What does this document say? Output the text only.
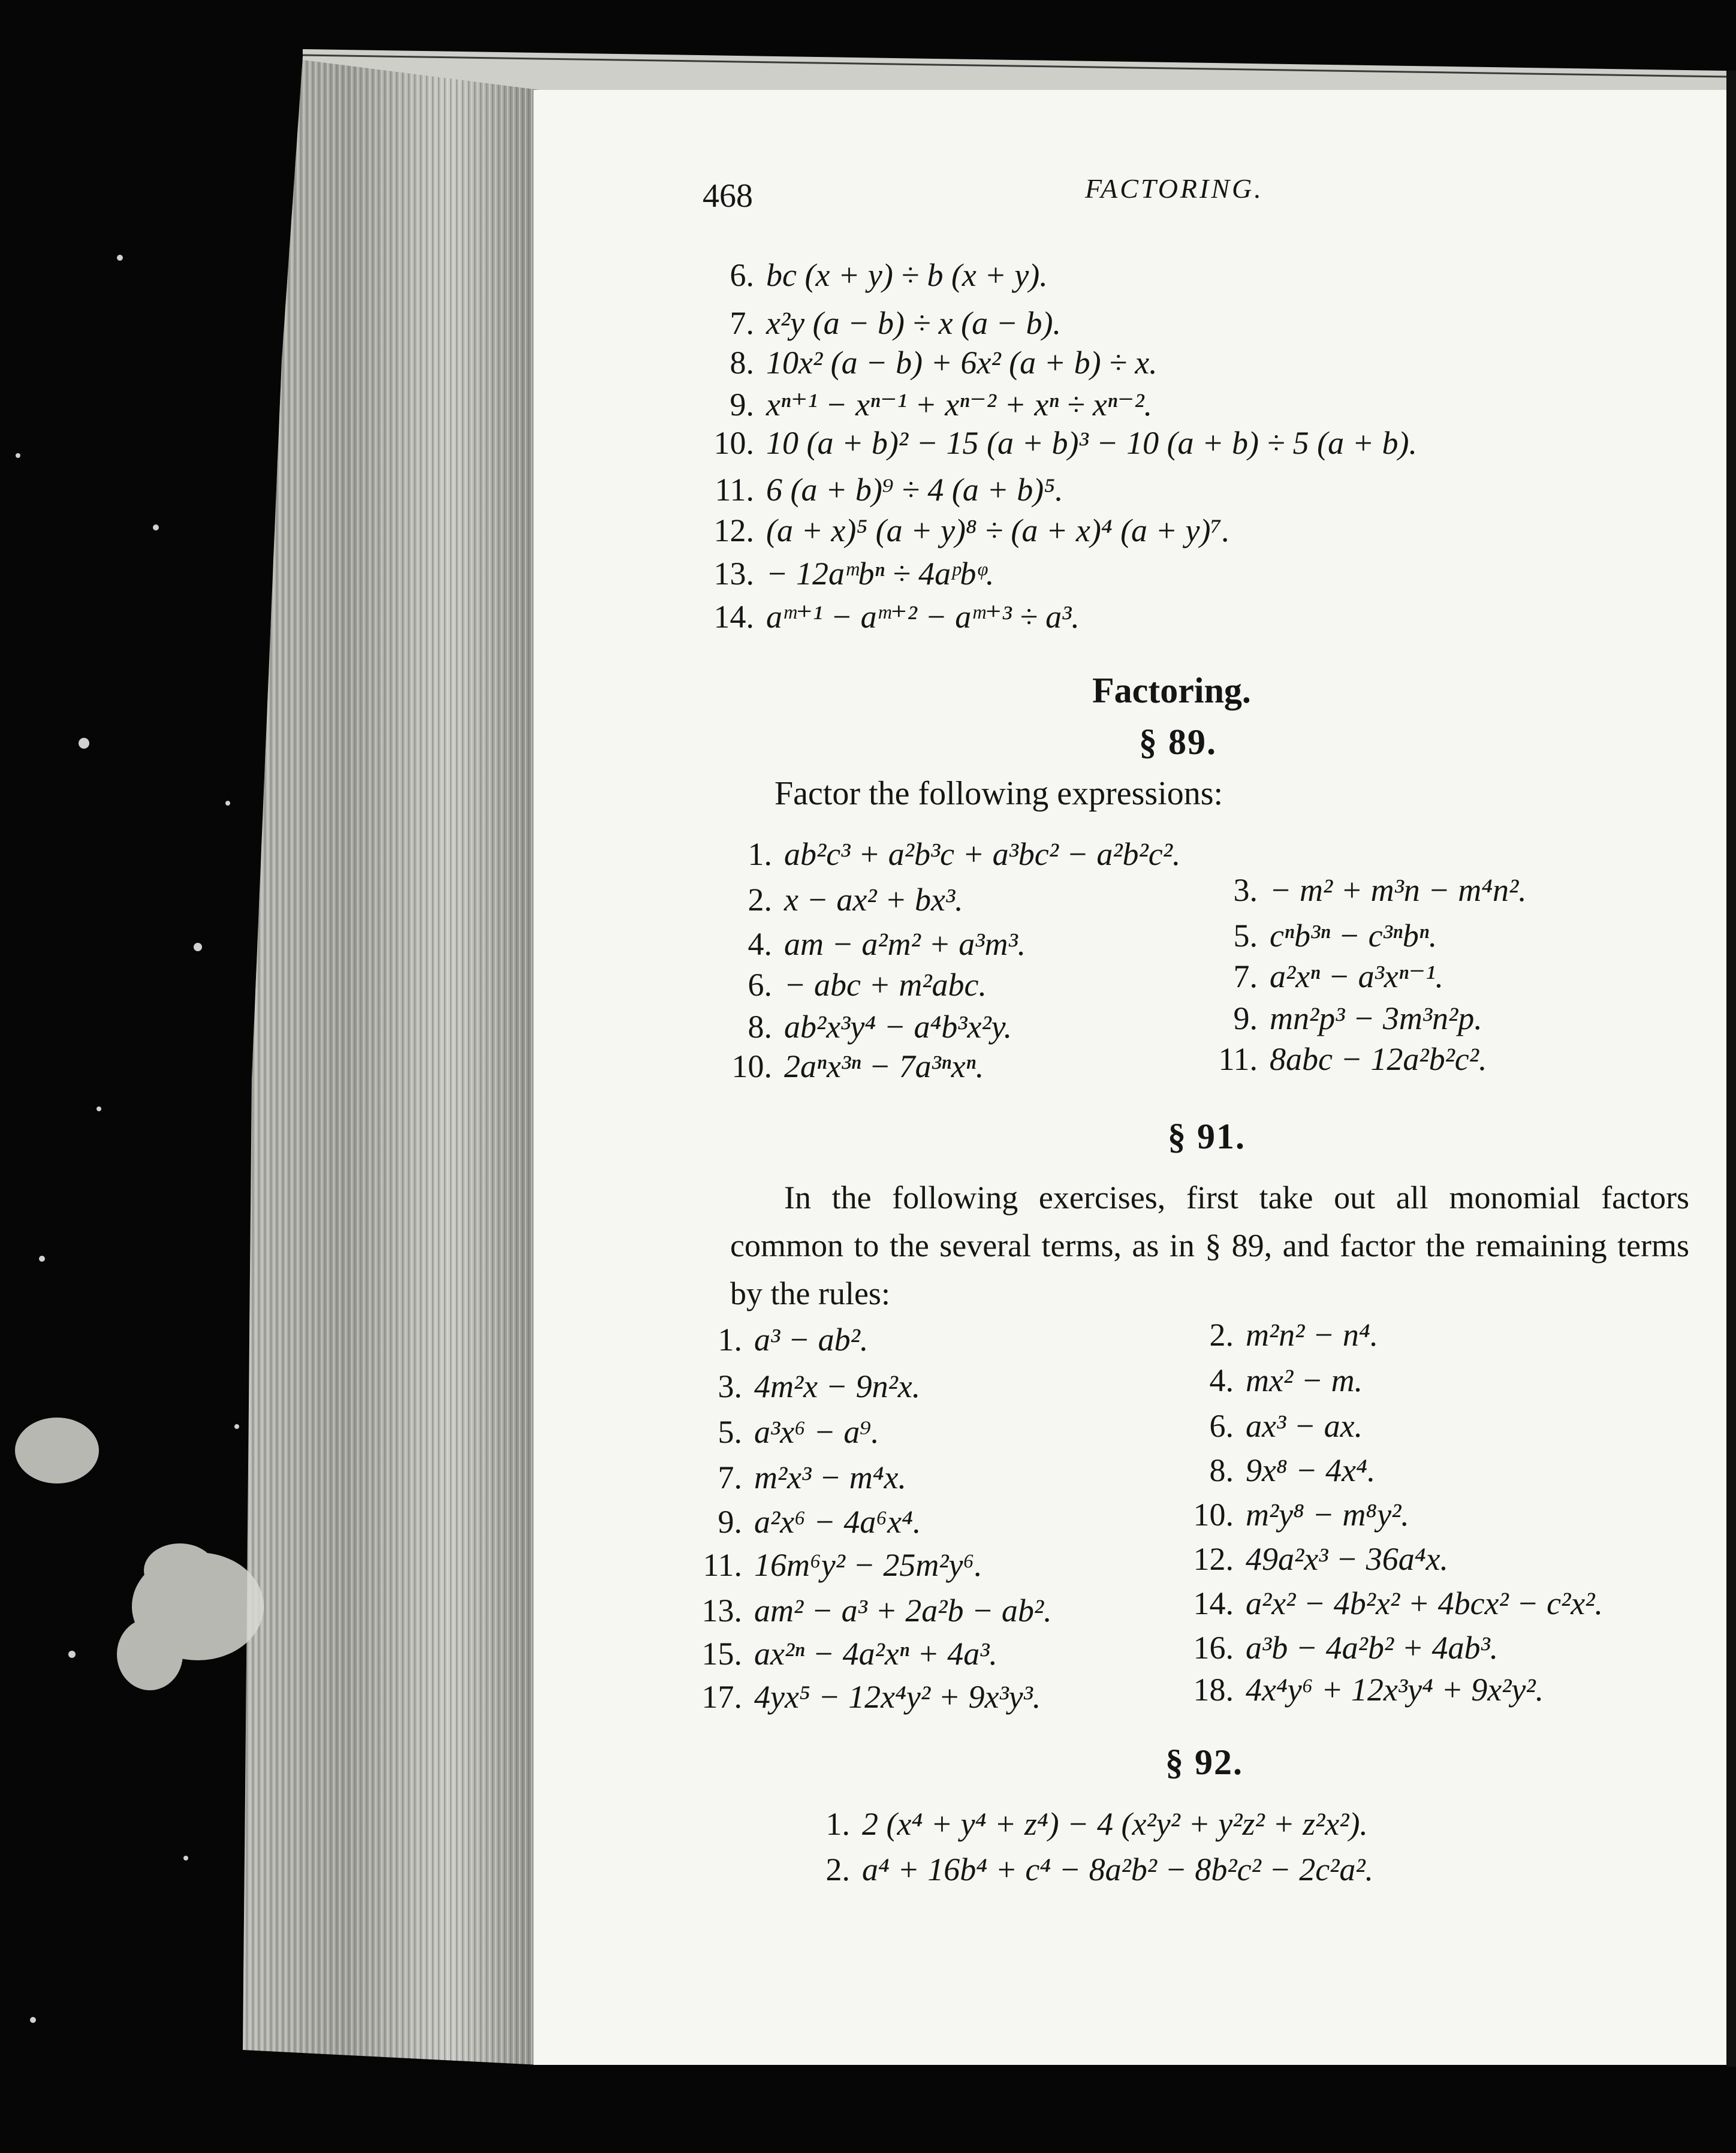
468	FACTORING.
6. bc (x + y) ÷ b (x + y).
7. x²y (a − b) ÷ x (a − b).
8. 10x² (a − b) + 6x² (a + b) ÷ x.
9. xⁿ⁺¹ − xⁿ⁻¹ + xⁿ⁻² + xⁿ ÷ xⁿ⁻².
10. 10 (a + b)² − 15 (a + b)³ − 10 (a + b) ÷ 5 (a + b).
11. 6 (a + b)⁹ ÷ 4 (a + b)⁵.
12. (a + x)⁵ (a + y)⁸ ÷ (a + x)⁴ (a + y)⁷.
13. − 12aᵐbⁿ ÷ 4aᵖbᵠ.
14. aᵐ⁺¹ − aᵐ⁺² − aᵐ⁺³ ÷ a³.
Factoring.
§ 89.
Factor the following expressions:
1. ab²c³ + a²b³c + a³bc² − a²b²c².
2. x − ax² + bx³.	3. − m² + m³n − m⁴n².
4. am − a²m² + a³m³.	5. cⁿb³ⁿ − c³ⁿbⁿ.
6. − abc + m²abc.	7. a²xⁿ − a³xⁿ⁻¹.
8. ab²x³y⁴ − a⁴b³x²y.	9. mn²p³ − 3m³n²p.
10. 2aⁿx³ⁿ − 7a³ⁿxⁿ.	11. 8abc − 12a²b²c².
§ 91.
In the following exercises, first take out all monomial factors common to the several terms, as in § 89, and factor the remaining terms by the rules:
1. a³ − ab².	2. m²n² − n⁴.
3. 4m²x − 9n²x.	4. mx² − m.
5. a³x⁶ − a⁹.	6. ax³ − ax.
7. m²x³ − m⁴x.	8. 9x⁸ − 4x⁴.
9. a²x⁶ − 4a⁶x⁴.	10. m²y⁸ − m⁸y².
11. 16m⁶y² − 25m²y⁶.	12. 49a²x³ − 36a⁴x.
13. am² − a³ + 2a²b − ab².	14. a²x² − 4b²x² + 4bcx² − c²x².
15. ax²ⁿ − 4a²xⁿ + 4a³.	16. a³b − 4a²b² + 4ab³.
17. 4yx⁵ − 12x⁴y² + 9x³y³.	18. 4x⁴y⁶ + 12x³y⁴ + 9x²y².
§ 92.
1. 2 (x⁴ + y⁴ + z⁴) − 4 (x²y² + y²z² + z²x²).
2. a⁴ + 16b⁴ + c⁴ − 8a²b² − 8b²c² − 2c²a².
